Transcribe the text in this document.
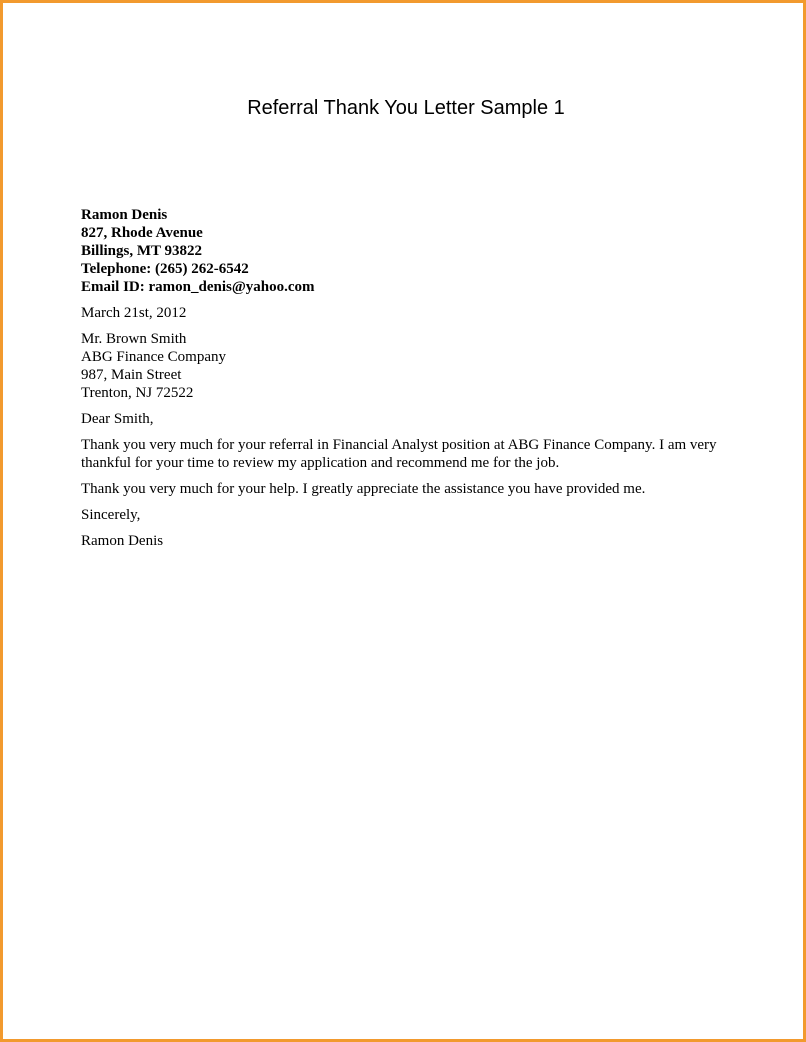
Referral Thank You Letter Sample 1
Ramon Denis
827, Rhode Avenue
Billings, MT 93822
Telephone: (265) 262-6542
Email ID: ramon_denis@yahoo.com
March 21st, 2012
Mr. Brown Smith
ABG Finance Company
987, Main Street
Trenton, NJ 72522
Dear Smith,
Thank you very much for your referral in Financial Analyst position at ABG Finance Company. I am very thankful for your time to review my application and recommend me for the job.
Thank you very much for your help. I greatly appreciate the assistance you have provided me.
Sincerely,
Ramon Denis
